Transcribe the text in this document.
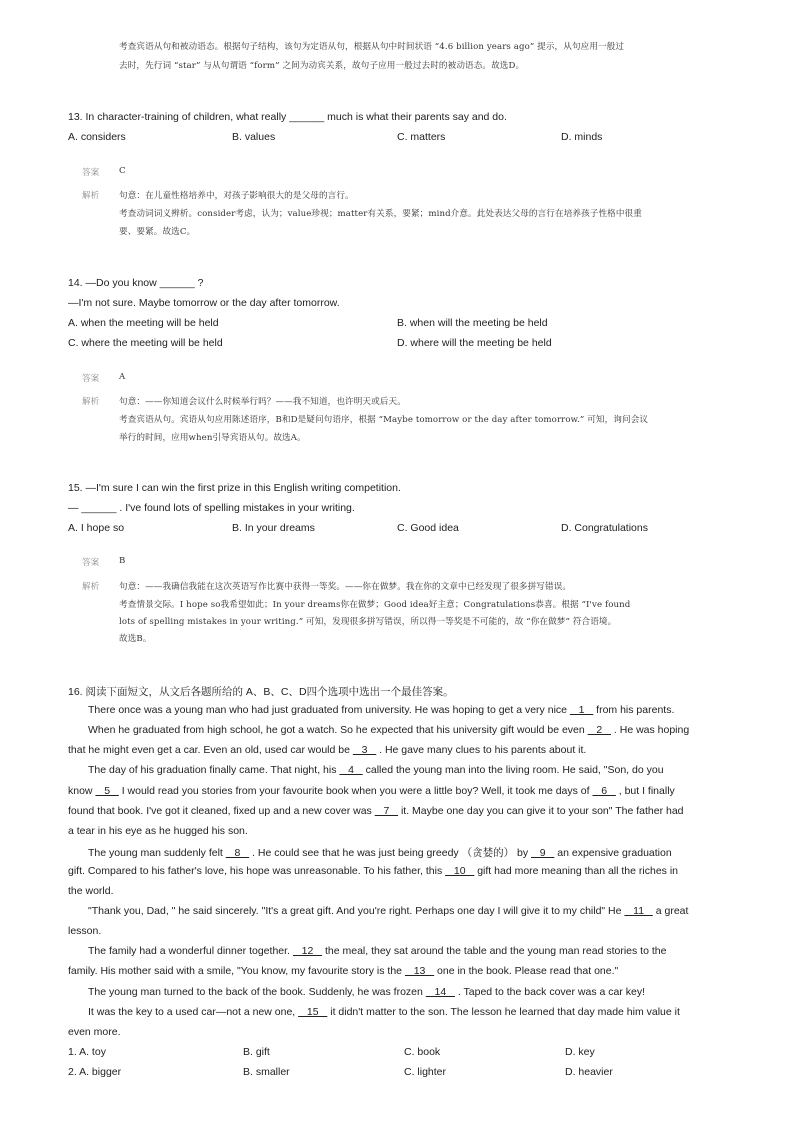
考查宾语从句和被动语态。根据句子结构，该句为定语从句，根据从句中时间状语 “4.6 billion years ago” 提示，从句应用一般过
去时，先行词 “star” 与从句谓语 “form” 之间为动宾关系，故句子应用一般过去时的被动语态。故选D。
13. In character-training of children, what really ______ much is what their parents say and do.
A. considers	B. values	C. matters	D. minds
答案 C
解析 句意：在儿童性格培养中，对孩子影响很大的是父母的言行。
考查动词词义辨析。consider考虑，认为；value珍视；matter有关系，要紧；mind介意。此处表达父母的言行在培养孩子性格中很重
要、要紧。故选C。
14. —Do you know ______ ?
—I'm not sure. Maybe tomorrow or the day after tomorrow.
A. when the meeting will be held	B. when will the meeting be held
C. where the meeting will be held	D. where will the meeting be held
答案 A
解析 句意：——你知道会议什么时候举行吗？——我不知道，也许明天或后天。
考查宾语从句。宾语从句应用陈述语序，B和D是疑问句语序，根据 “Maybe tomorrow or the day after tomorrow.” 可知，询问会议
举行的时间，应用when引导宾语从句。故选A。
15. —I'm sure I can win the first prize in this English writing competition.
— ______ . I've found lots of spelling mistakes in your writing.
A. I hope so	B. In your dreams	C. Good idea	D. Congratulations
答案 B
解析 句意：——我确信我能在这次英语写作比赛中获得一等奖。——你在做梦。我在你的文章中已经发现了很多拼写错误。
考查情景交际。I hope so我希望如此；In your dreams你在做梦；Good idea好主意；Congratulations恭喜。根据 “I've found
lots of spelling mistakes in your writing.” 可知，发现很多拼写错误，所以得一等奖是不可能的，故 “你在做梦” 符合语境。
故选B。
16. 阅读下面短文，从文后各题所给的 A、B、C、D四个选项中选出一个最佳答案。
There once was a young man who had just graduated from university. He was hoping to get a very nice    1    from his parents.
When he graduated from high school, he got a watch. So he expected that his university gift would be even    2    . He was hoping
that he might even get a car. Even an old, used car would be    3    . He gave many clues to his parents about it.
The day of his graduation finally came. That night, his    4    called the young man into the living room. He said, "Son, do you
know    5    I would read you stories from your favourite book when you were a little boy? Well, it took me days of    6    , but I finally
found that book. I've got it cleaned, fixed up and a new cover was    7    it. Maybe one day you can give it to your son" The father had
a tear in his eye as he hugged his son.
The young man suddenly felt    8    . He could see that he was just being greedy （贪婪的） by    9    an expensive graduation
gift. Compared to his father's love, his hope was unreasonable. To his father, this    10    gift had more meaning than all the riches in
the world.
"Thank you, Dad, " he said sincerely. "It's a great gift. And you're right. Perhaps one day I will give it to my child" He    11    a great
lesson.
The family had a wonderful dinner together.    12    the meal, they sat around the table and the young man read stories to the
family. His mother said with a smile, "You know, my favourite story is the    13    one in the book. Please read that one."
The young man turned to the back of the book. Suddenly, he was frozen    14    . Taped to the back cover was a car key!
It was the key to a used car—not a new one,    15    it didn't matter to the son. The lesson he learned that day made him value it
even more.
1. A. toy	B. gift	C. book	D. key
2. A. bigger	B. smaller	C. lighter	D. heavier
